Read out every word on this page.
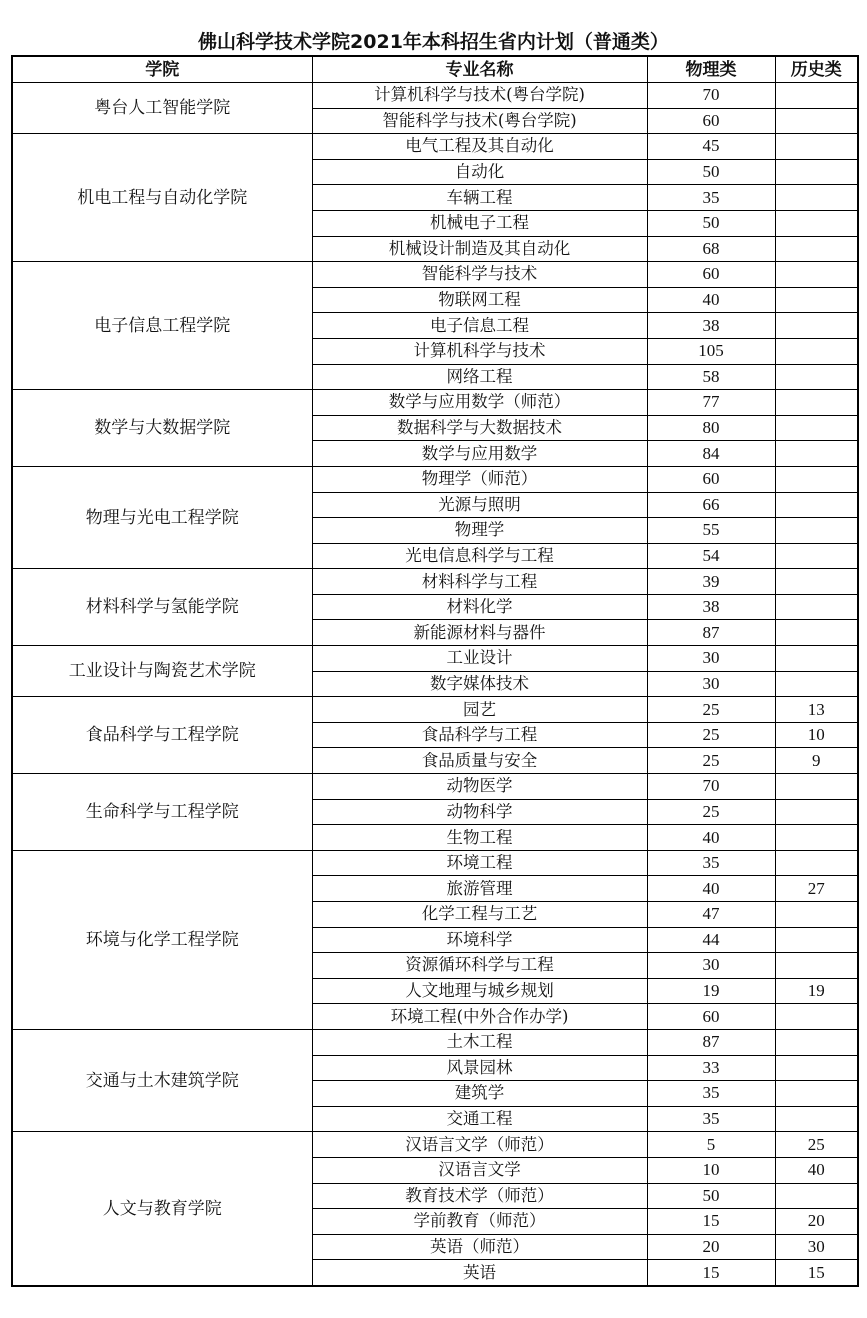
佛山科学技术学院2021年本科招生省内计划（普通类）
学院	专业名称	物理类	历史类
粤台人工智能学院	计算机科学与技术(粤台学院)	70	
	智能科学与技术(粤台学院)	60	
机电工程与自动化学院	电气工程及其自动化	45	
	自动化	50	
	车辆工程	35	
	机械电子工程	50	
	机械设计制造及其自动化	68	
电子信息工程学院	智能科学与技术	60	
	物联网工程	40	
	电子信息工程	38	
	计算机科学与技术	105	
	网络工程	58	
数学与大数据学院	数学与应用数学（师范）	77	
	数据科学与大数据技术	80	
	数学与应用数学	84	
物理与光电工程学院	物理学（师范）	60	
	光源与照明	66	
	物理学	55	
	光电信息科学与工程	54	
材料科学与氢能学院	材料科学与工程	39	
	材料化学	38	
	新能源材料与器件	87	
工业设计与陶瓷艺术学院	工业设计	30	
	数字媒体技术	30	
食品科学与工程学院	园艺	25	13
	食品科学与工程	25	10
	食品质量与安全	25	9
生命科学与工程学院	动物医学	70	
	动物科学	25	
	生物工程	40	
环境与化学工程学院	环境工程	35	
	旅游管理	40	27
	化学工程与工艺	47	
	环境科学	44	
	资源循环科学与工程	30	
	人文地理与城乡规划	19	19
	环境工程(中外合作办学)	60	
交通与土木建筑学院	土木工程	87	
	风景园林	33	
	建筑学	35	
	交通工程	35	
人文与教育学院	汉语言文学（师范）	5	25
	汉语言文学	10	40
	教育技术学（师范）	50	
	学前教育（师范）	15	20
	英语（师范）	20	30
	英语	15	15
